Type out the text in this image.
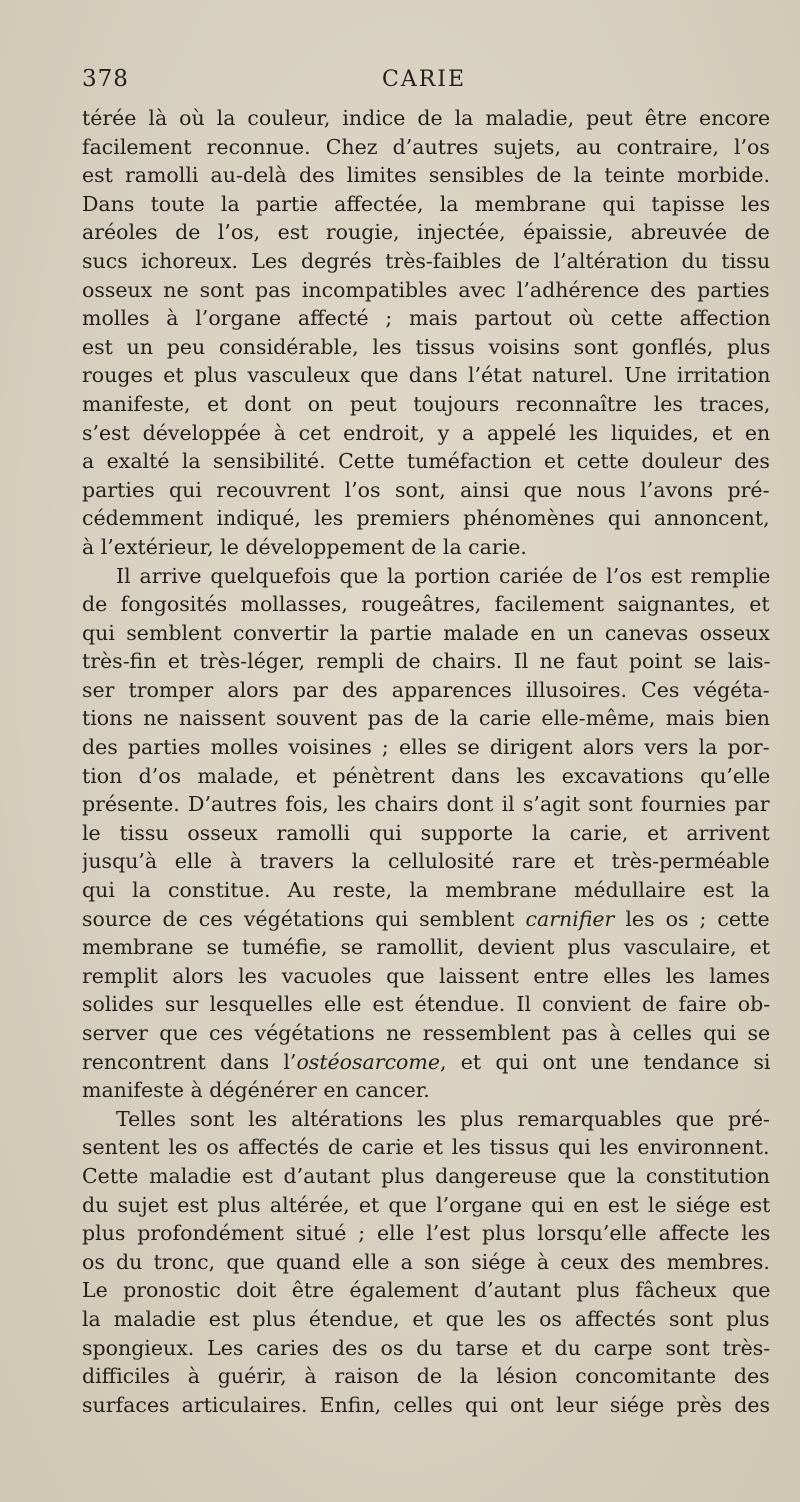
378	CARIE
térée là où la couleur, indice de la maladie, peut être encore
facilement reconnue. Chez d’autres sujets, au contraire, l’os
est ramolli au-delà des limites sensibles de la teinte morbide.
Dans toute la partie affectée, la membrane qui tapisse les
aréoles de l’os, est rougie, injectée, épaissie, abreuvée de
sucs ichoreux. Les degrés très-faibles de l’altération du tissu
osseux ne sont pas incompatibles avec l’adhérence des parties
molles à l’organe affecté ; mais partout où cette affection
est un peu considérable, les tissus voisins sont gonflés, plus
rouges et plus vasculeux que dans l’état naturel. Une irritation
manifeste, et dont on peut toujours reconnaître les traces,
s’est développée à cet endroit, y a appelé les liquides, et en
a exalté la sensibilité. Cette tuméfaction et cette douleur des
parties qui recouvrent l’os sont, ainsi que nous l’avons pré-
cédemment indiqué, les premiers phénomènes qui annoncent,
à l’extérieur, le développement de la carie.
Il arrive quelquefois que la portion cariée de l’os est remplie
de fongosités mollasses, rougeâtres, facilement saignantes, et
qui semblent convertir la partie malade en un canevas osseux
très-fin et très-léger, rempli de chairs. Il ne faut point se lais-
ser tromper alors par des apparences illusoires. Ces végéta-
tions ne naissent souvent pas de la carie elle-même, mais bien
des parties molles voisines ; elles se dirigent alors vers la por-
tion d’os malade, et pénètrent dans les excavations qu’elle
présente. D’autres fois, les chairs dont il s’agit sont fournies par
le tissu osseux ramolli qui supporte la carie, et arrivent
jusqu’à elle à travers la cellulosité rare et très-perméable
qui la constitue. Au reste, la membrane médullaire est la
source de ces végétations qui semblent carnifier les os ; cette
membrane se tuméfie, se ramollit, devient plus vasculaire, et
remplit alors les vacuoles que laissent entre elles les lames
solides sur lesquelles elle est étendue. Il convient de faire ob-
server que ces végétations ne ressemblent pas à celles qui se
rencontrent dans l’ostéosarcome, et qui ont une tendance si
manifeste à dégénérer en cancer.
Telles sont les altérations les plus remarquables que pré-
sentent les os affectés de carie et les tissus qui les environnent.
Cette maladie est d’autant plus dangereuse que la constitution
du sujet est plus altérée, et que l’organe qui en est le siége est
plus profondément situé ; elle l’est plus lorsqu’elle affecte les
os du tronc, que quand elle a son siége à ceux des membres.
Le pronostic doit être également d’autant plus fâcheux que
la maladie est plus étendue, et que les os affectés sont plus
spongieux. Les caries des os du tarse et du carpe sont très-
difficiles à guérir, à raison de la lésion concomitante des
surfaces articulaires. Enfin, celles qui ont leur siége près des
